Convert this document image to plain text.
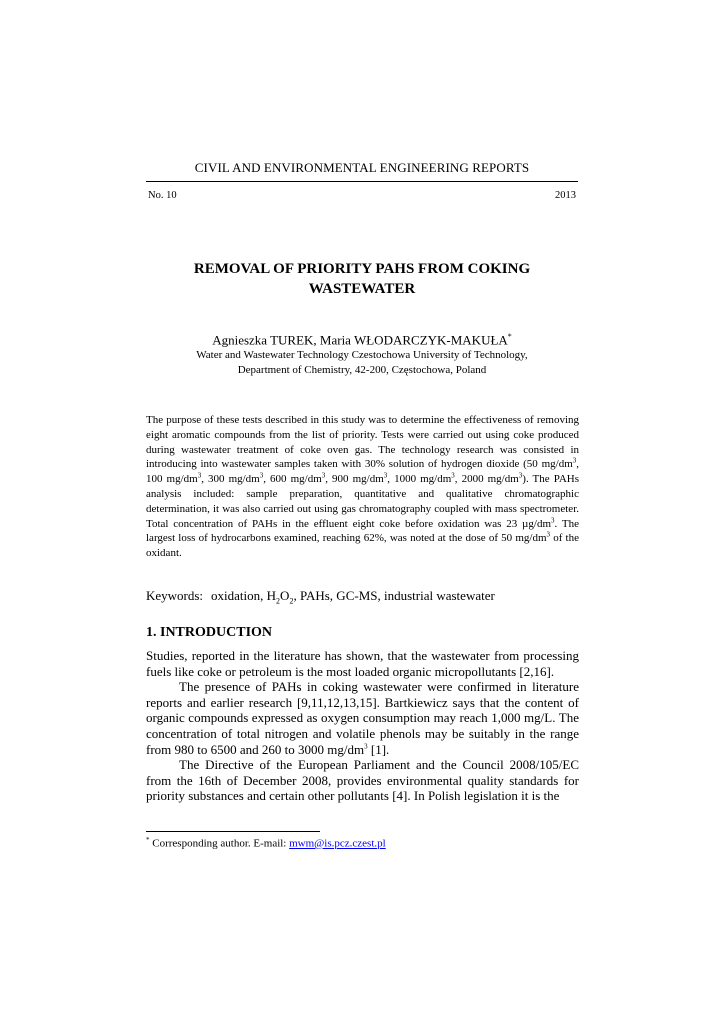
CIVIL AND ENVIRONMENTAL ENGINEERING REPORTS
No. 10	2013
REMOVAL OF PRIORITY PAHS FROM COKING
WASTEWATER
Agnieszka TUREK, Maria WŁODARCZYK-MAKUŁA*
Water and Wastewater Technology Czestochowa University of Technology,
Department of Chemistry, 42-200, Częstochowa, Poland
The purpose of these tests described in this study was to determine the effectiveness of removing eight aromatic compounds from the list of priority. Tests were carried out using coke produced during wastewater treatment of coke oven gas. The technology research was consisted in introducing into wastewater samples taken with 30% solution of hydrogen dioxide (50 $mg/dm^3$, 100 $mg/dm^3$, 300 $mg/dm^3$, 600 $mg/dm^3$, 900 $mg/dm^3$, 1000 $mg/dm^3$, 2000 $mg/dm^3$). The PAHs analysis included: sample preparation, quantitative and qualitative chromatographic determination, it was also carried out using gas chromatography coupled with mass spectrometer. Total concentration of PAHs in the effluent eight coke before oxidation was 23 $\mu g/dm^3$. The largest loss of hydrocarbons examined, reaching 62%, was noted at the dose of 50 $mg/dm^3$ of the oxidant.
Keywords: oxidation, $H_2O_2$, PAHs, GC-MS, industrial wastewater
1. INTRODUCTION

Studies, reported in the literature has shown, that the wastewater from processing fuels like coke or petroleum is the most loaded organic micropollutants [2,16].

The presence of PAHs in coking wastewater were confirmed in literature reports and earlier research [9,11,12,13,15]. Bartkiewicz says that the content of organic compounds expressed as oxygen consumption may reach 1,000 mg/L. The concentration of total nitrogen and volatile phenols may be suitably in the range from 980 to 6500 and 260 to 3000 $mg/dm^3$ [1].

The Directive of the European Parliament and the Council 2008/105/EC from the 16th of December 2008, provides environmental quality standards for priority substances and certain other pollutants [4]. In Polish legislation it is the

* Corresponding author. E-mail: mwm@is.pcz.czest.pl
